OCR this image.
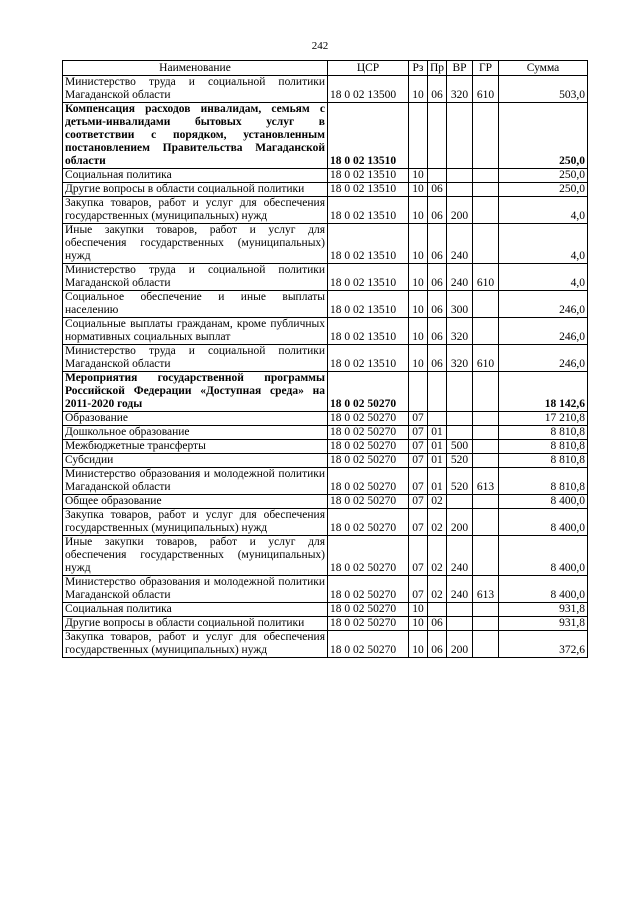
242
Наименование	ЦСР	Рз	Пр	ВР	ГР	Сумма
Министерство труда и социальной политики Магаданской области	18 0 02 13500	10	06	320	610	503,0
Компенсация расходов инвалидам, семьям с детьми-инвалидами бытовых услуг в соответствии с порядком, установленным постановлением Правительства Магаданской области	18 0 02 13510					250,0
Социальная политика	18 0 02 13510	10				250,0
Другие вопросы в области социальной политики	18 0 02 13510	10	06			250,0
Закупка товаров, работ и услуг для обеспечения государственных (муниципальных) нужд	18 0 02 13510	10	06	200		4,0
Иные закупки товаров, работ и услуг для обеспечения государственных (муниципальных) нужд	18 0 02 13510	10	06	240		4,0
Министерство труда и социальной политики Магаданской области	18 0 02 13510	10	06	240	610	4,0
Социальное обеспечение и иные выплаты населению	18 0 02 13510	10	06	300		246,0
Социальные выплаты гражданам, кроме публичных нормативных социальных выплат	18 0 02 13510	10	06	320		246,0
Министерство труда и социальной политики Магаданской области	18 0 02 13510	10	06	320	610	246,0
Мероприятия государственной программы Российской Федерации «Доступная среда» на 2011-2020 годы	18 0 02 50270					18 142,6
Образование	18 0 02 50270	07				17 210,8
Дошкольное образование	18 0 02 50270	07	01			8 810,8
Межбюджетные трансферты	18 0 02 50270	07	01	500		8 810,8
Субсидии	18 0 02 50270	07	01	520		8 810,8
Министерство образования и молодежной политики Магаданской области	18 0 02 50270	07	01	520	613	8 810,8
Общее образование	18 0 02 50270	07	02			8 400,0
Закупка товаров, работ и услуг для обеспечения государственных (муниципальных) нужд	18 0 02 50270	07	02	200		8 400,0
Иные закупки товаров, работ и услуг для обеспечения государственных (муниципальных) нужд	18 0 02 50270	07	02	240		8 400,0
Министерство образования и молодежной политики Магаданской области	18 0 02 50270	07	02	240	613	8 400,0
Социальная политика	18 0 02 50270	10				931,8
Другие вопросы в области социальной политики	18 0 02 50270	10	06			931,8
Закупка товаров, работ и услуг для обеспечения государственных (муниципальных) нужд	18 0 02 50270	10	06	200		372,6
